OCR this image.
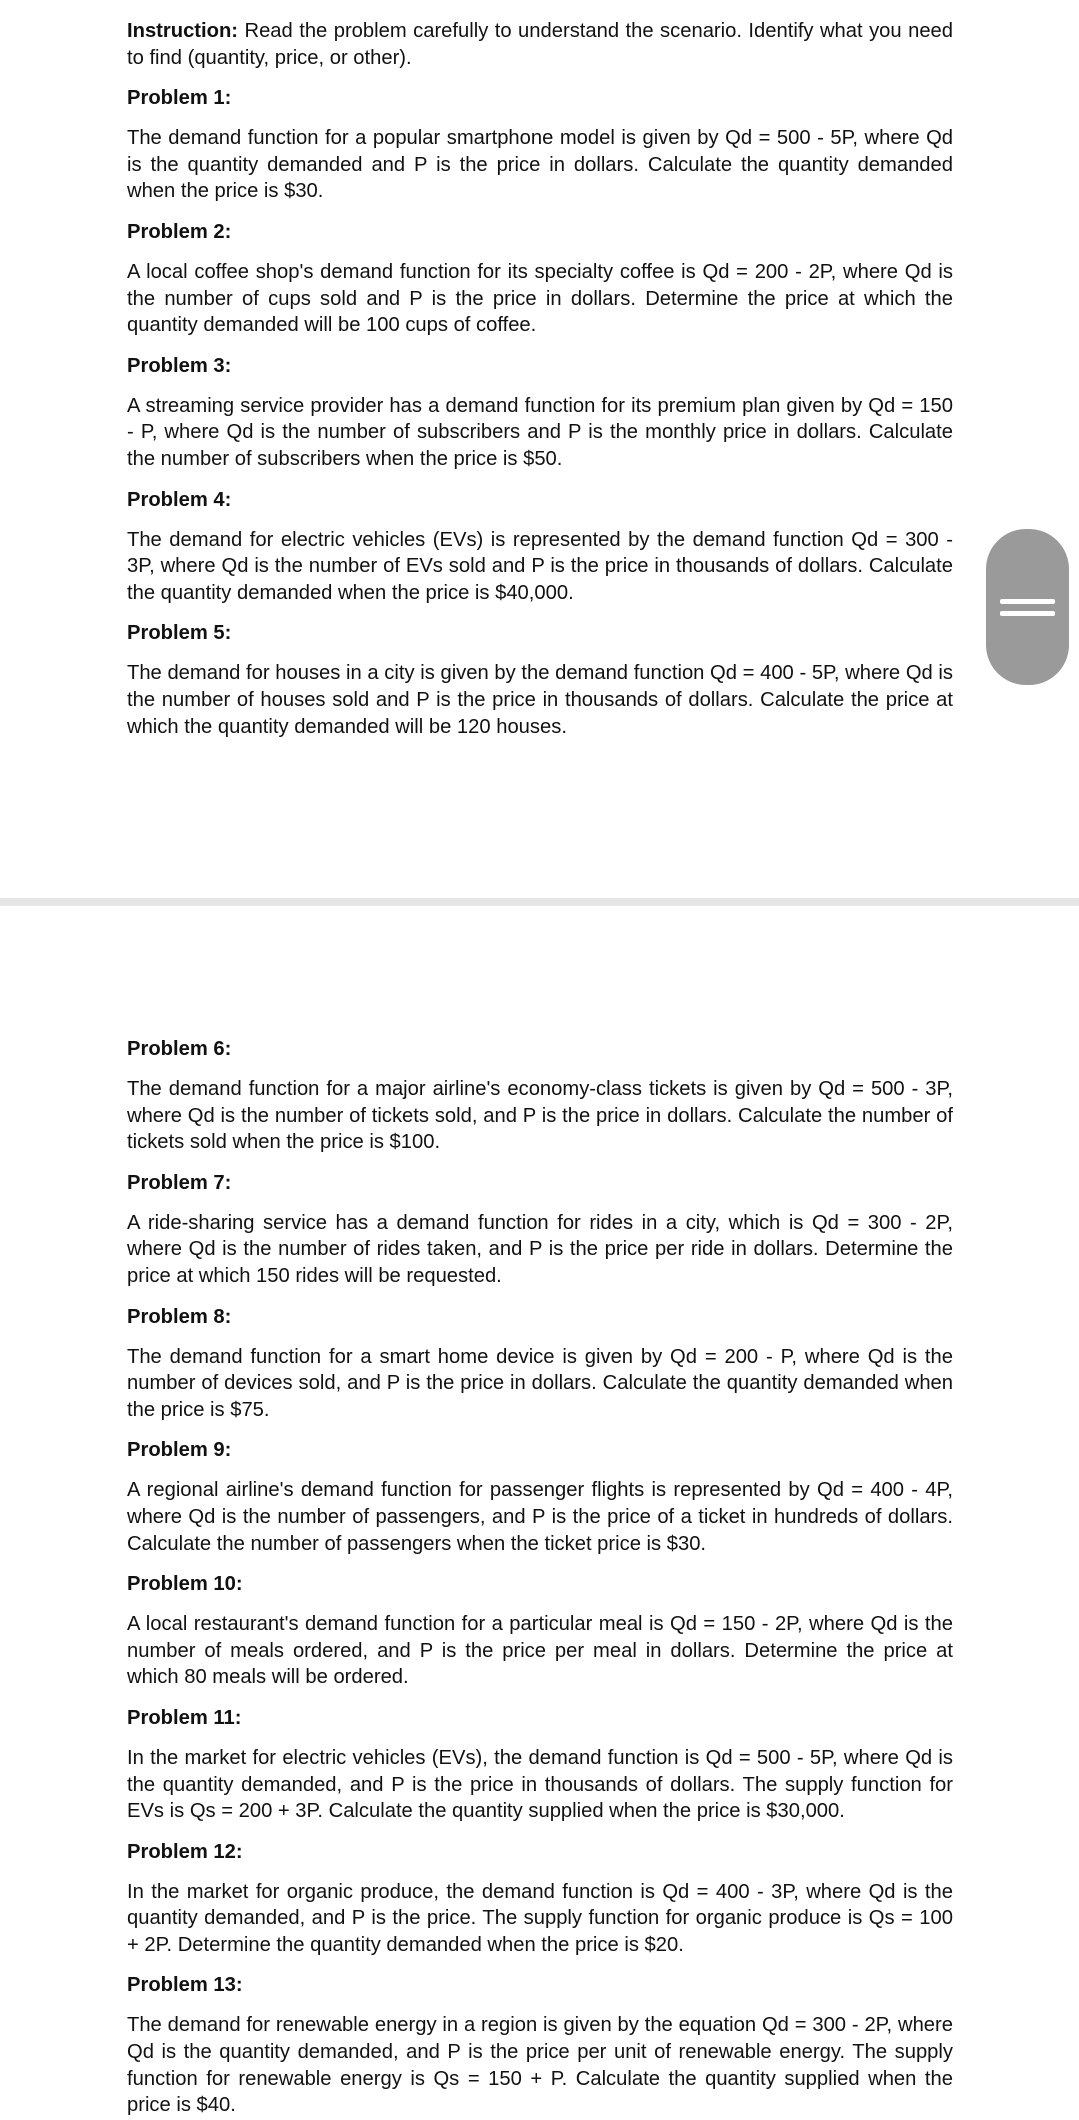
Instruction: Read the problem carefully to understand the scenario. Identify what you need to find (quantity, price, or other).

Problem 1:

The demand function for a popular smartphone model is given by Qd = 500 - 5P, where Qd is the quantity demanded and P is the price in dollars. Calculate the quantity demanded when the price is $30.

Problem 2:

A local coffee shop's demand function for its specialty coffee is Qd = 200 - 2P, where Qd is the number of cups sold and P is the price in dollars. Determine the price at which the quantity demanded will be 100 cups of coffee.

Problem 3:

A streaming service provider has a demand function for its premium plan given by Qd = 150 - P, where Qd is the number of subscribers and P is the monthly price in dollars. Calculate the number of subscribers when the price is $50.

Problem 4:

The demand for electric vehicles (EVs) is represented by the demand function Qd = 300 - 3P, where Qd is the number of EVs sold and P is the price in thousands of dollars. Calculate the quantity demanded when the price is $40,000.

Problem 5:

The demand for houses in a city is given by the demand function Qd = 400 - 5P, where Qd is the number of houses sold and P is the price in thousands of dollars. Calculate the price at which the quantity demanded will be 120 houses.

Problem 6:

The demand function for a major airline's economy-class tickets is given by Qd = 500 - 3P, where Qd is the number of tickets sold, and P is the price in dollars. Calculate the number of tickets sold when the price is $100.

Problem 7:

A ride-sharing service has a demand function for rides in a city, which is Qd = 300 - 2P, where Qd is the number of rides taken, and P is the price per ride in dollars. Determine the price at which 150 rides will be requested.

Problem 8:

The demand function for a smart home device is given by Qd = 200 - P, where Qd is the number of devices sold, and P is the price in dollars. Calculate the quantity demanded when the price is $75.

Problem 9:

A regional airline's demand function for passenger flights is represented by Qd = 400 - 4P, where Qd is the number of passengers, and P is the price of a ticket in hundreds of dollars. Calculate the number of passengers when the ticket price is $30.

Problem 10:

A local restaurant's demand function for a particular meal is Qd = 150 - 2P, where Qd is the number of meals ordered, and P is the price per meal in dollars. Determine the price at which 80 meals will be ordered.

Problem 11:

In the market for electric vehicles (EVs), the demand function is Qd = 500 - 5P, where Qd is the quantity demanded, and P is the price in thousands of dollars. The supply function for EVs is Qs = 200 + 3P. Calculate the quantity supplied when the price is $30,000.

Problem 12:

In the market for organic produce, the demand function is Qd = 400 - 3P, where Qd is the quantity demanded, and P is the price. The supply function for organic produce is Qs = 100 + 2P. Determine the quantity demanded when the price is $20.

Problem 13:

The demand for renewable energy in a region is given by the equation Qd = 300 - 2P, where Qd is the quantity demanded, and P is the price per unit of renewable energy. The supply function for renewable energy is Qs = 150 + P. Calculate the quantity supplied when the price is $40.
